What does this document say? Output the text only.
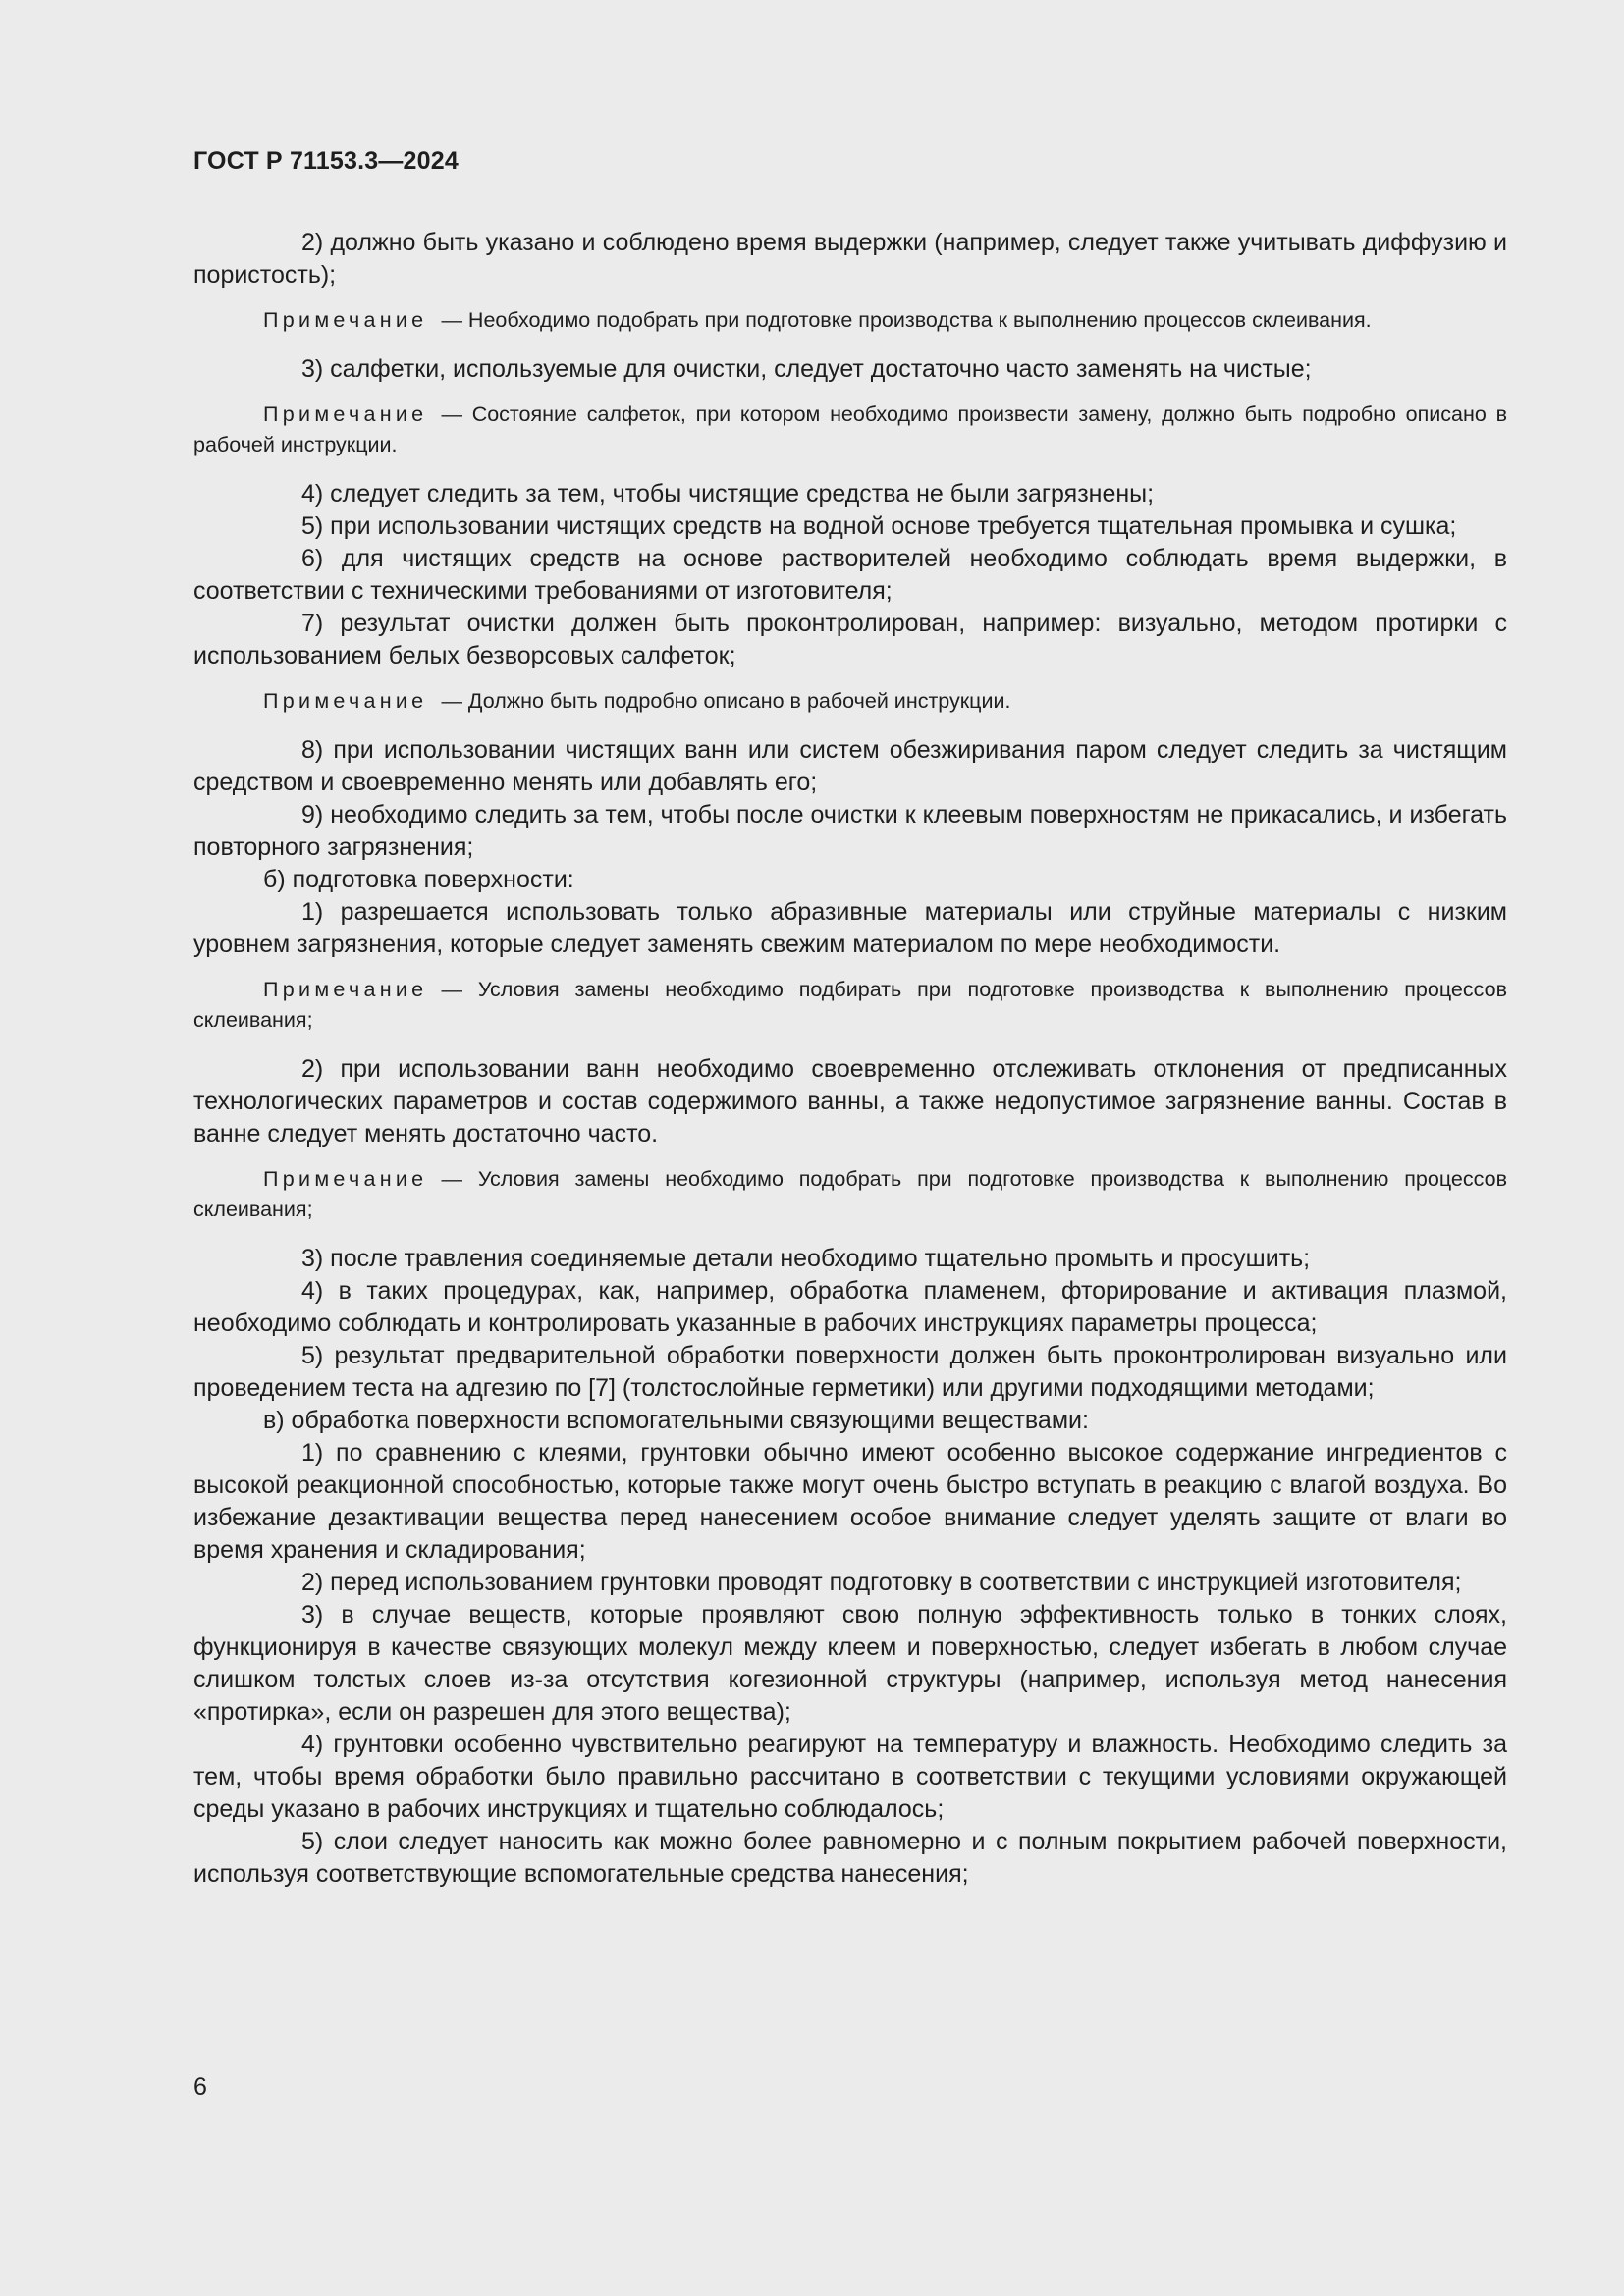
ГОСТ Р 71153.3—2024

2) должно быть указано и соблюдено время выдержки (например, следует также учитывать диффузию и пористость);

Примечание — Необходимо подобрать при подготовке производства к выполнению процессов склеивания.

3) салфетки, используемые для очистки, следует достаточно часто заменять на чистые;

Примечание — Состояние салфеток, при котором необходимо произвести замену, должно быть подробно описано в рабочей инструкции.

4) следует следить за тем, чтобы чистящие средства не были загрязнены;

5) при использовании чистящих средств на водной основе требуется тщательная промывка и сушка;

6) для чистящих средств на основе растворителей необходимо соблюдать время выдержки, в соответствии с техническими требованиями от изготовителя;

7) результат очистки должен быть проконтролирован, например: визуально, методом протирки с использованием белых безворсовых салфеток;

Примечание — Должно быть подробно описано в рабочей инструкции.

8) при использовании чистящих ванн или систем обезжиривания паром следует следить за чистящим средством и своевременно менять или добавлять его;

9) необходимо следить за тем, чтобы после очистки к клеевым поверхностям не прикасались, и избегать повторного загрязнения;

б) подготовка поверхности:

1) разрешается использовать только абразивные материалы или струйные материалы с низким уровнем загрязнения, которые следует заменять свежим материалом по мере необходимости.

Примечание — Условия замены необходимо подбирать при подготовке производства к выполнению процессов склеивания;

2) при использовании ванн необходимо своевременно отслеживать отклонения от предписанных технологических параметров и состав содержимого ванны, а также недопустимое загрязнение ванны. Состав в ванне следует менять достаточно часто.

Примечание — Условия замены необходимо подобрать при подготовке производства к выполнению процессов склеивания;

3) после травления соединяемые детали необходимо тщательно промыть и просушить;

4) в таких процедурах, как, например, обработка пламенем, фторирование и активация плазмой, необходимо соблюдать и контролировать указанные в рабочих инструкциях параметры процесса;

5) результат предварительной обработки поверхности должен быть проконтролирован визуально или проведением теста на адгезию по [7] (толстослойные герметики) или другими подходящими методами;

в) обработка поверхности вспомогательными связующими веществами:

1) по сравнению с клеями, грунтовки обычно имеют особенно высокое содержание ингредиентов с высокой реакционной способностью, которые также могут очень быстро вступать в реакцию с влагой воздуха. Во избежание дезактивации вещества перед нанесением особое внимание следует уделять защите от влаги во время хранения и складирования;

2) перед использованием грунтовки проводят подготовку в соответствии с инструкцией изготовителя;

3) в случае веществ, которые проявляют свою полную эффективность только в тонких слоях, функционируя в качестве связующих молекул между клеем и поверхностью, следует избегать в любом случае слишком толстых слоев из-за отсутствия когезионной структуры (например, используя метод нанесения «протирка», если он разрешен для этого вещества);

4) грунтовки особенно чувствительно реагируют на температуру и влажность. Необходимо следить за тем, чтобы время обработки было правильно рассчитано в соответствии с текущими условиями окружающей среды указано в рабочих инструкциях и тщательно соблюдалось;

5) слои следует наносить как можно более равномерно и с полным покрытием рабочей поверхности, используя соответствующие вспомогательные средства нанесения;

6
